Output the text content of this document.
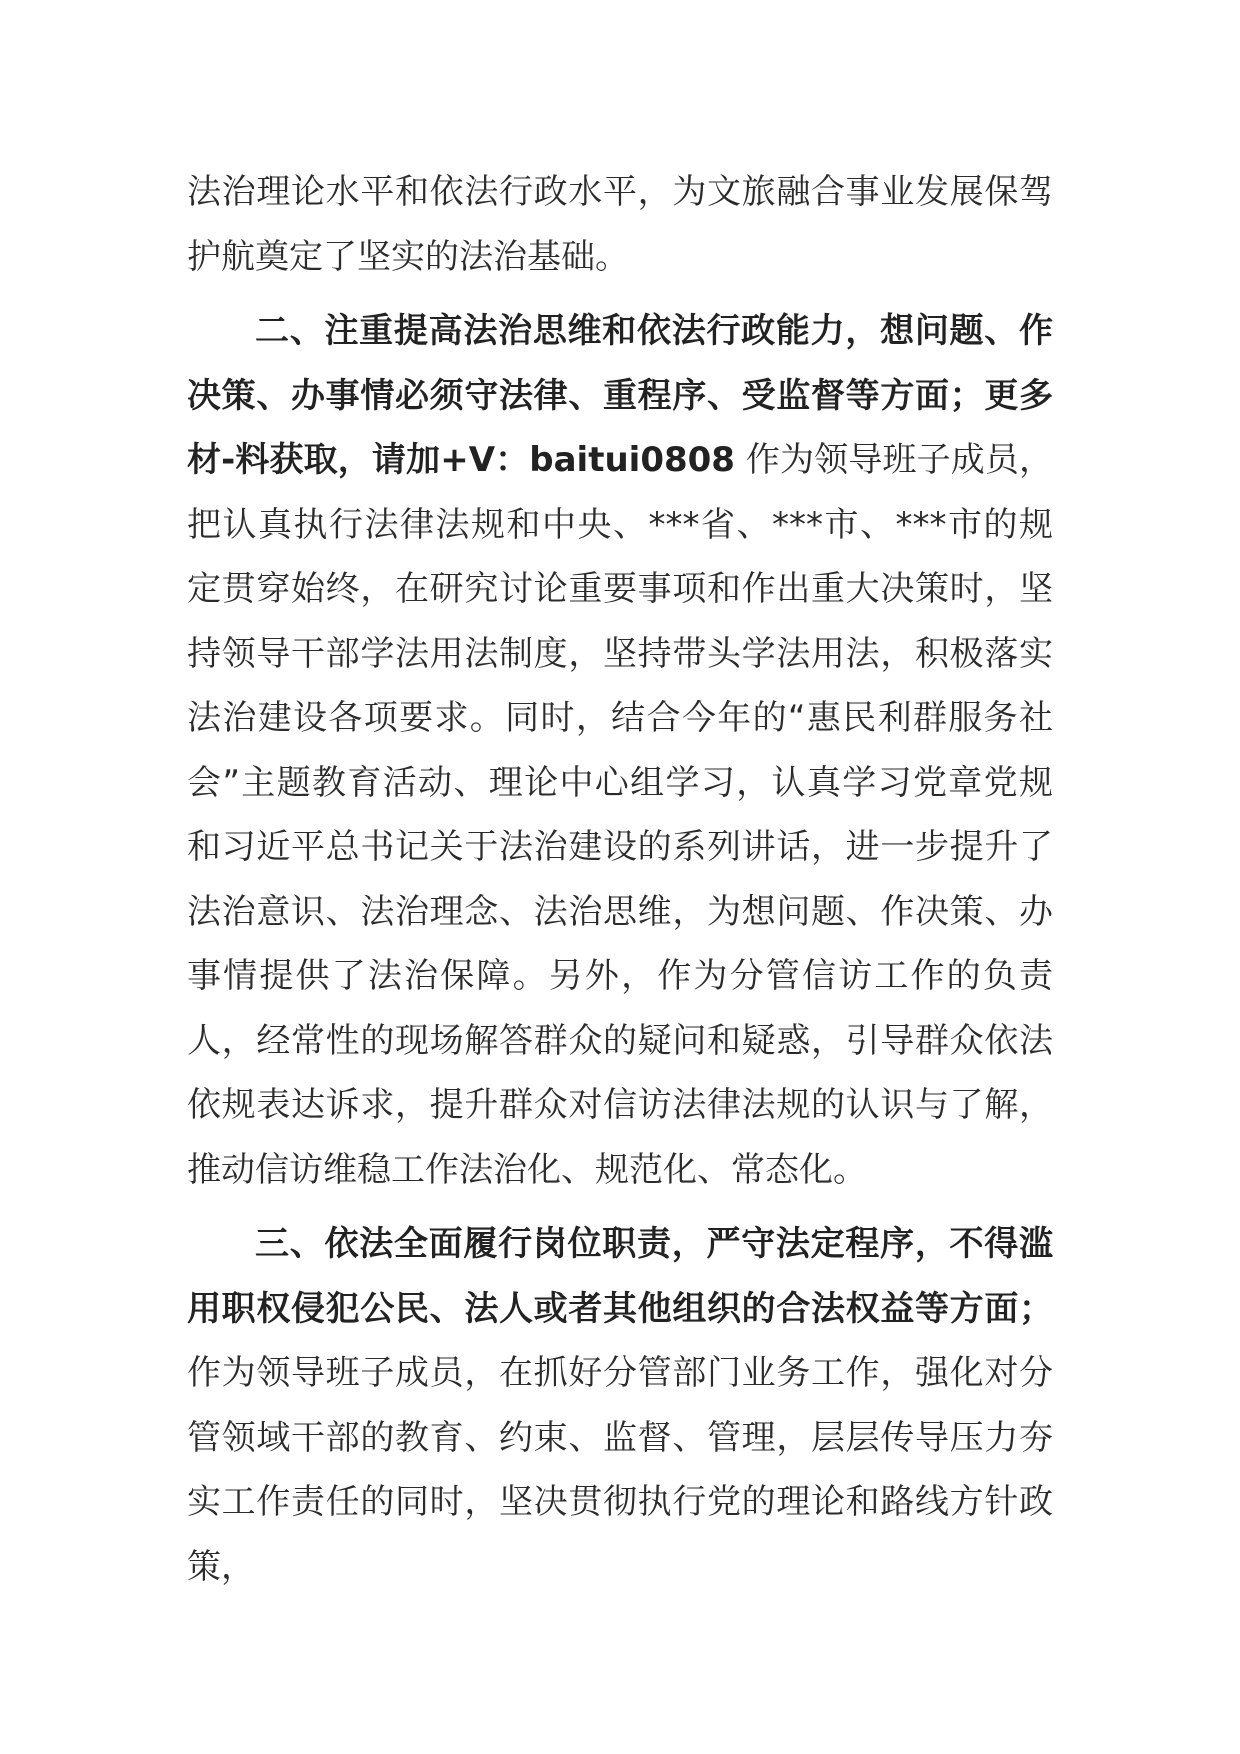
法治理论水平和依法行政水平，为文旅融合事业发展保驾护航奠定了坚实的法治基础。

二、注重提高法治思维和依法行政能力，想问题、作决策、办事情必须守法律、重程序、受监督等方面；更多材-料获取，请加+V：baitui0808 作为领导班子成员，把认真执行法律法规和中央、***省、***市、***市的规定贯穿始终，在研究讨论重要事项和作出重大决策时，坚持领导干部学法用法制度，坚持带头学法用法，积极落实法治建设各项要求。同时，结合今年的“惠民利群服务社会”主题教育活动、理论中心组学习，认真学习党章党规和习近平总书记关于法治建设的系列讲话，进一步提升了法治意识、法治理念、法治思维，为想问题、作决策、办事情提供了法治保障。另外，作为分管信访工作的负责人，经常性的现场解答群众的疑问和疑惑，引导群众依法依规表达诉求，提升群众对信访法律法规的认识与了解，推动信访维稳工作法治化、规范化、常态化。

三、依法全面履行岗位职责，严守法定程序，不得滥用职权侵犯公民、法人或者其他组织的合法权益等方面；作为领导班子成员，在抓好分管部门业务工作，强化对分管领域干部的教育、约束、监督、管理，层层传导压力夯实工作责任的同时，坚决贯彻执行党的理论和路线方针政策，
